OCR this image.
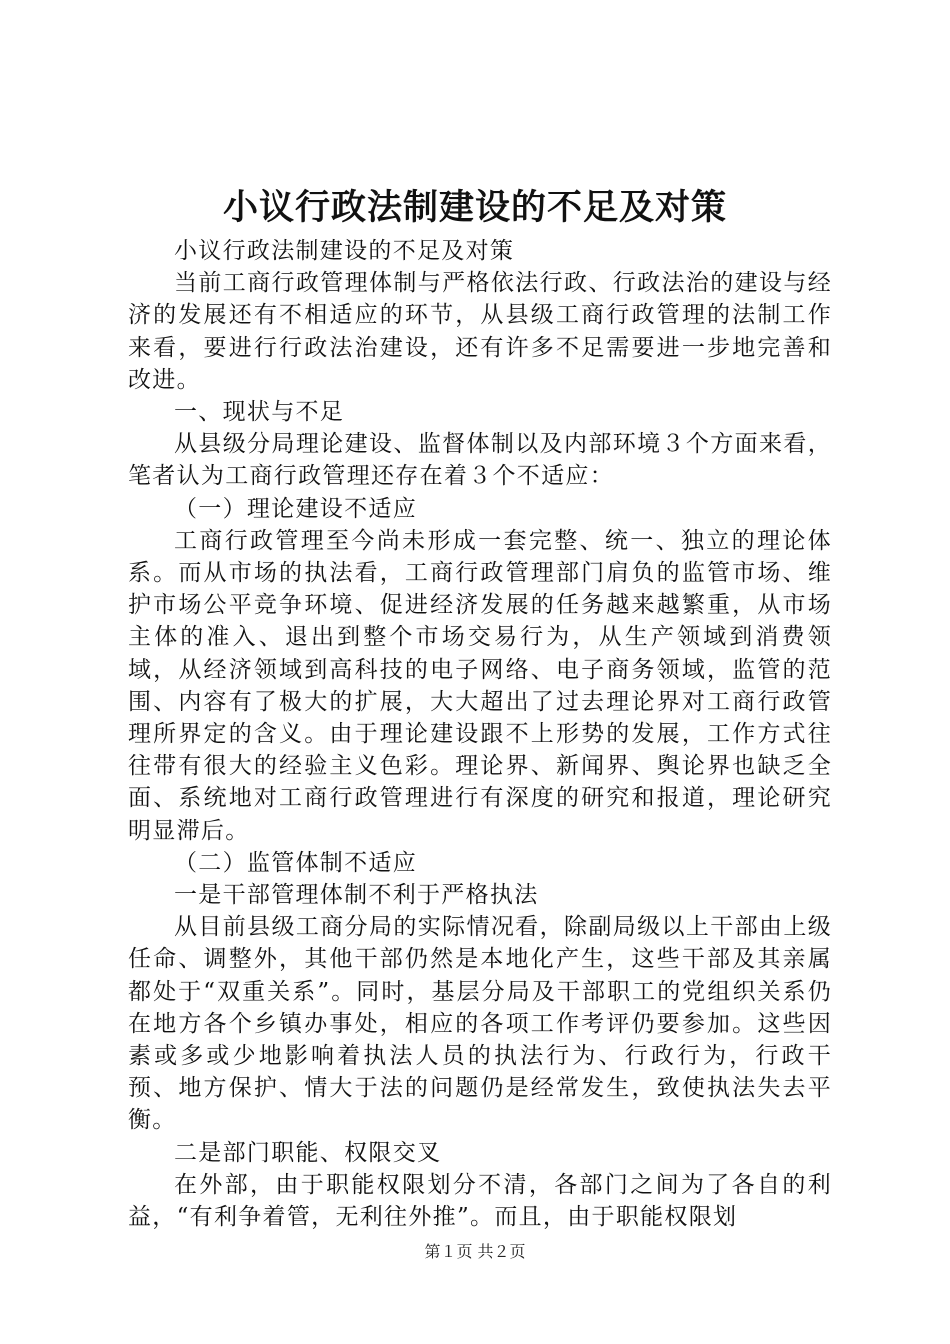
小议行政法制建设的不足及对策

小议行政法制建设的不足及对策

当前工商行政管理体制与严格依法行政、行政法治的建设与经济的发展还有不相适应的环节，从县级工商行政管理的法制工作来看，要进行行政法治建设，还有许多不足需要进一步地完善和改进。

一、现状与不足

从县级分局理论建设、监督体制以及内部环境３个方面来看，笔者认为工商行政管理还存在着３个不适应：

（一）理论建设不适应

工商行政管理至今尚未形成一套完整、统一、独立的理论体系。而从市场的执法看，工商行政管理部门肩负的监管市场、维护市场公平竞争环境、促进经济发展的任务越来越繁重，从市场主体的准入、退出到整个市场交易行为，从生产领域到消费领域，从经济领域到高科技的电子网络、电子商务领域，监管的范围、内容有了极大的扩展，大大超出了过去理论界对工商行政管理所界定的含义。由于理论建设跟不上形势的发展，工作方式往往带有很大的经验主义色彩。理论界、新闻界、舆论界也缺乏全面、系统地对工商行政管理进行有深度的研究和报道，理论研究明显滞后。

（二）监管体制不适应

一是干部管理体制不利于严格执法

从目前县级工商分局的实际情况看，除副局级以上干部由上级任命、调整外，其他干部仍然是本地化产生，这些干部及其亲属都处于“双重关系”。同时，基层分局及干部职工的党组织关系仍在地方各个乡镇办事处，相应的各项工作考评仍要参加。这些因素或多或少地影响着执法人员的执法行为、行政行为，行政干预、地方保护、情大于法的问题仍是经常发生，致使执法失去平衡。

二是部门职能、权限交叉

在外部，由于职能权限划分不清，各部门之间为了各自的利益，“有利争着管，无利往外推”。而且，由于职能权限划

第１页 共２页
